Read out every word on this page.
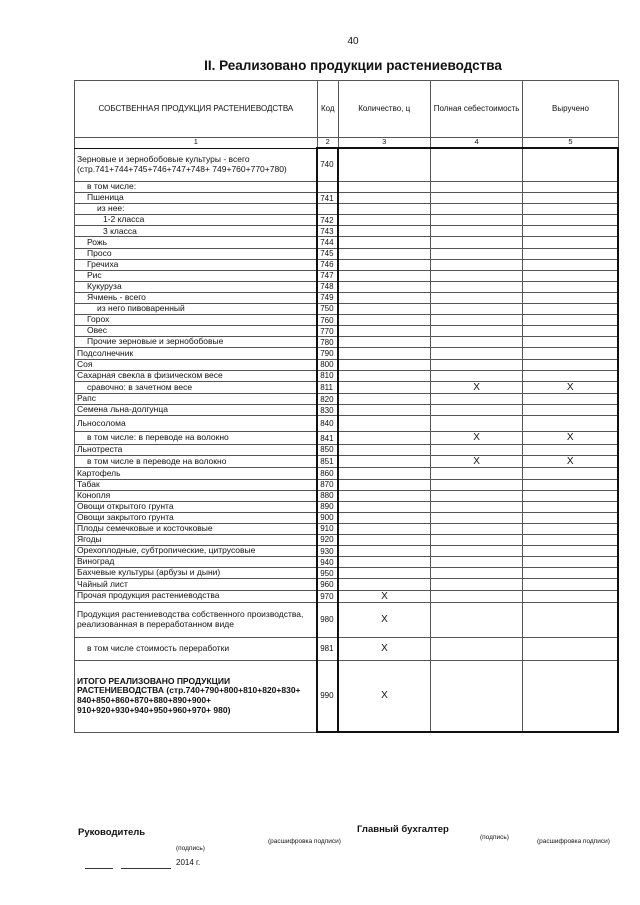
40
II. Реализовано продукции растениеводства
СОБСТВЕННАЯ ПРОДУКЦИЯ РАСТЕНИЕВОДСТВА	Код	Количество, ц	Полная себестоимость	Выручено
1	2	3	4	5
Зерновые и зернобобовые культуры - всего (стр.741+744+745+746+747+748+ 749+760+770+780)	740			
в том числе:				
Пшеница	741			
из нее:				
1-2 класса	742			
3 класса	743			
Рожь	744			
Просо	745			
Гречиха	746			
Рис	747			
Кукуруза	748			
Ячмень - всего	749			
из него пивоваренный	750			
Горох	760			
Овес	770			
Прочие зерновые и зернобобовые	780			
Подсолнечник	790			
Соя	800			
Сахарная свекла в физическом весе	810			
сравочно: в зачетном весе	811		X	X
Рапс	820			
Семена льна-долгунца	830			
Льносолома	840			
в том числе: в переводе на волокно	841		X	X
Льнотреста	850			
в том числе в переводе на волокно	851		X	X
Картофель	860			
Табак	870			
Конопля	880			
Овощи открытого грунта	890			
Овощи закрытого грунта	900			
Плоды семечковые и косточковые	910			
Ягоды	920			
Орехоплодные, субтропические, цитрусовые	930			
Виноград	940			
Бахчевые культуры (арбузы и дыни)	950			
Чайный лист	960			
Прочая продукция растениеводства	970	X		
Продукция растениеводства собственного производства, реализованная в переработанном виде	980	X		
в том числе стоимость переработки	981	X		
ИТОГО РЕАЛИЗОВАНО ПРОДУКЦИИ РАСТЕНИЕВОДСТВА (стр.740+790+800+810+820+830+ 840+850+860+870+880+890+900+ 910+920+930+940+950+960+970+ 980)	990	X		
Руководитель
(подпись)
(расшифровка подписи)
Главный бухгалтер
(подпись)
(расшифровка подписи)
2014 г.
